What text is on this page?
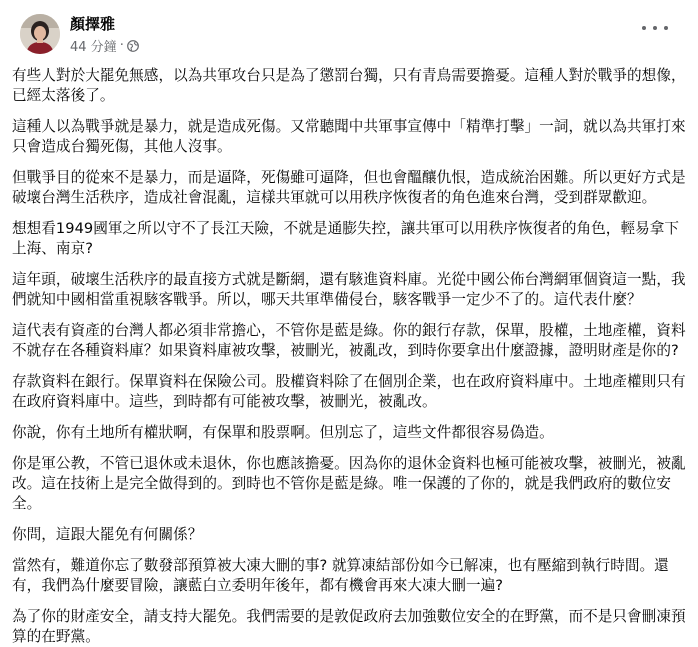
顏擇雅
44 分鐘 ·

有些人對於大罷免無感，以為共軍攻台只是為了懲罰台獨，只有青鳥需要擔憂。這種人對於戰爭的想像，已經太落後了。

這種人以為戰爭就是暴力，就是造成死傷。又常聽聞中共軍事宣傳中「精準打擊」一詞，就以為共軍打來只會造成台獨死傷，其他人沒事。

但戰爭目的從來不是暴力，而是逼降，死傷雖可逼降，但也會醞釀仇恨，造成統治困難。所以更好方式是破壞台灣生活秩序，造成社會混亂，這樣共軍就可以用秩序恢復者的角色進來台灣，受到群眾歡迎。

想想看1949國軍之所以守不了長江天險，不就是通膨失控，讓共軍可以用秩序恢復者的角色，輕易拿下上海、南京?

這年頭，破壞生活秩序的最直接方式就是斷網，還有駭進資料庫。光從中國公佈台灣網軍個資這一點，我們就知中國相當重視駭客戰爭。所以，哪天共軍準備侵台，駭客戰爭一定少不了的。這代表什麼？

這代表有資產的台灣人都必須非常擔心，不管你是藍是綠。你的銀行存款，保單，股權，土地產權，資料不就存在各種資料庫？如果資料庫被攻擊，被刪光，被亂改，到時你要拿出什麼證據，證明財產是你的?

存款資料在銀行。保單資料在保險公司。股權資料除了在個別企業，也在政府資料庫中。土地產權則只有在政府資料庫中。這些，到時都有可能被攻擊，被刪光，被亂改。

你說，你有土地所有權狀啊，有保單和股票啊。但別忘了，這些文件都很容易偽造。

你是軍公教，不管已退休或未退休，你也應該擔憂。因為你的退休金資料也極可能被攻擊，被刪光，被亂改。這在技術上是完全做得到的。到時也不管你是藍是綠。唯一保護的了你的，就是我們政府的數位安全。

你問，這跟大罷免有何關係？

當然有，難道你忘了數發部預算被大凍大刪的事? 就算凍結部份如今已解凍，也有壓縮到執行時間。還有，我們為什麼要冒險，讓藍白立委明年後年，都有機會再來大凍大刪一遍?

為了你的財產安全，請支持大罷免。我們需要的是敦促政府去加強數位安全的在野黨，而不是只會刪凍預算的在野黨。
